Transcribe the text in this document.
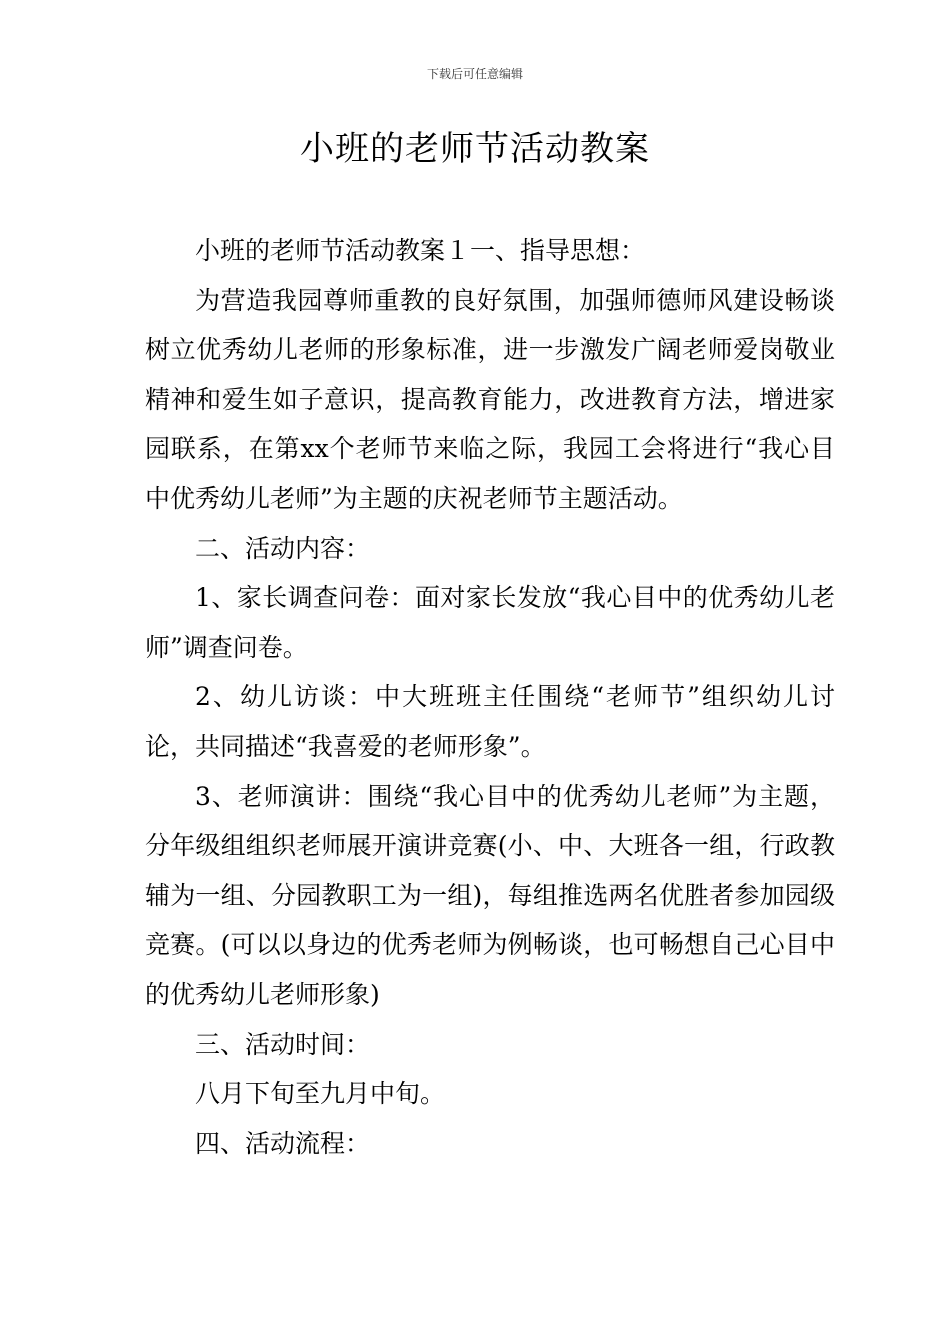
下载后可任意编辑
小班的老师节活动教案

小班的老师节活动教案１一、指导思想：

为营造我园尊师重教的良好氛围，加强师德师风建设畅谈树立优秀幼儿老师的形象标准，进一步激发广阔老师爱岗敬业精神和爱生如子意识，提高教育能力，改进教育方法，增进家园联系，在第xx个老师节来临之际，我园工会将进行“我心目中优秀幼儿老师”为主题的庆祝老师节主题活动。

二、活动内容：

1、家长调查问卷：面对家长发放“我心目中的优秀幼儿老师”调查问卷。

2、幼儿访谈：中大班班主任围绕“老师节”组织幼儿讨论，共同描述“我喜爱的老师形象”。

3、老师演讲：围绕“我心目中的优秀幼儿老师”为主题，分年级组组织老师展开演讲竞赛(小、中、大班各一组，行政教辅为一组、分园教职工为一组)，每组推选两名优胜者参加园级竞赛。(可以以身边的优秀老师为例畅谈，也可畅想自己心目中的优秀幼儿老师形象)

三、活动时间：

八月下旬至九月中旬。

四、活动流程：
